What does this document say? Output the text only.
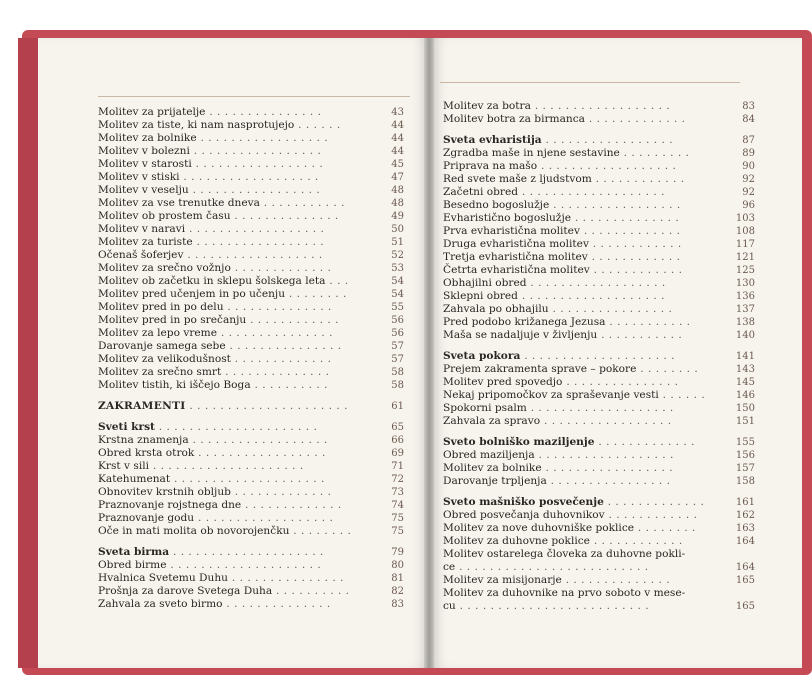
Molitev za prijatelje . . . . . . . . . . . . . . .	43
Molitev za tiste, ki nam nasprotujejo . . . . . .	44
Molitev za bolnike . . . . . . . . . . . . . . . . .	44
Molitev v bolezni . . . . . . . . . . . . . . . . .	44
Molitev v starosti . . . . . . . . . . . . . . . . .	45
Molitev v stiski . . . . . . . . . . . . . . . . . .	47
Molitev v veselju . . . . . . . . . . . . . . . . .	48
Molitev za vse trenutke dneva . . . . . . . . . . .	48
Molitev ob prostem času . . . . . . . . . . . . . .	49
Molitev v naravi . . . . . . . . . . . . . . . . . .	50
Molitev za turiste . . . . . . . . . . . . . . . . .	51
Očenaš šoferjev . . . . . . . . . . . . . . . . . .	52
Molitev za srečno vožnjo . . . . . . . . . . . . .	53
Molitev ob začetku in sklepu šolskega leta . . .	54
Molitev pred učenjem in po učenju . . . . . . . .	54
Molitev pred in po delu . . . . . . . . . . . . . .	55
Molitev pred in po srečanju . . . . . . . . . . . .	56
Molitev za lepo vreme . . . . . . . . . . . . . . .	56
Darovanje samega sebe . . . . . . . . . . . . . . .	57
Molitev za velikodušnost . . . . . . . . . . . . .	57
Molitev za srečno smrt . . . . . . . . . . . . . .	58
Molitev tistih, ki iščejo Boga . . . . . . . . . .	58
ZAKRAMENTI . . . . . . . . . . . . . . . . . . . . .	61
Sveti krst . . . . . . . . . . . . . . . . . . . . .	65
Krstna znamenja . . . . . . . . . . . . . . . . . .	66
Obred krsta otrok . . . . . . . . . . . . . . . . .	69
Krst v sili . . . . . . . . . . . . . . . . . . . .	71
Katehumenat . . . . . . . . . . . . . . . . . . . .	72
Obnovitev krstnih obljub . . . . . . . . . . . . .	73
Praznovanje rojstnega dne . . . . . . . . . . . . .	74
Praznovanje godu . . . . . . . . . . . . . . . . . .	75
Oče in mati molita ob novorojenčku . . . . . . . .	75
Sveta birma . . . . . . . . . . . . . . . . . . . .	79
Obred birme . . . . . . . . . . . . . . . . . . . .	80
Hvalnica Svetemu Duhu . . . . . . . . . . . . . . .	81
Prošnja za darove Svetega Duha . . . . . . . . . .	82
Zahvala za sveto birmo . . . . . . . . . . . . . .	83
Molitev za botra . . . . . . . . . . . . . . . . . .	83
Molitev botra za birmanca . . . . . . . . . . . . .	84
Sveta evharistija . . . . . . . . . . . . . . . . .	87
Zgradba maše in njene sestavine . . . . . . . . .	89
Priprava na mašo . . . . . . . . . . . . . . . . . .	90
Red svete maše z ljudstvom . . . . . . . . . . . .	92
Začetni obred . . . . . . . . . . . . . . . . . . .	92
Besedno bogoslužje . . . . . . . . . . . . . . . . .	96
Evharistično bogoslužje . . . . . . . . . . . . . .	103
Prva evharistična molitev . . . . . . . . . . . . .	108
Druga evharistična molitev . . . . . . . . . . . .	117
Tretja evharistična molitev . . . . . . . . . . . .	121
Četrta evharistična molitev . . . . . . . . . . . .	125
Obhajilni obred . . . . . . . . . . . . . . . . . .	130
Sklepni obred . . . . . . . . . . . . . . . . . . .	136
Zahvala po obhajilu . . . . . . . . . . . . . . . .	137
Pred podobo križanega Jezusa . . . . . . . . . . .	138
Maša se nadaljuje v življenju . . . . . . . . . . .	140
Sveta pokora . . . . . . . . . . . . . . . . . . . .	141
Prejem zakramenta sprave – pokore . . . . . . . .	143
Molitev pred spovedjo . . . . . . . . . . . . . . .	145
Nekaj pripomočkov za spraševanje vesti . . . . . .	146
Spokorni psalm . . . . . . . . . . . . . . . . . . .	150
Zahvala za spravo . . . . . . . . . . . . . . . . .	151
Sveto bolniško maziljenje . . . . . . . . . . . . .	155
Obred maziljenja . . . . . . . . . . . . . . . . . .	156
Molitev za bolnike . . . . . . . . . . . . . . . . .	157
Darovanje trpljenja . . . . . . . . . . . . . . . .	158
Sveto mašniško posvečenje . . . . . . . . . . . . .	161
Obred posvečanja duhovnikov . . . . . . . . . . . .	162
Molitev za nove duhovniške poklice . . . . . . . .	163
Molitev za duhovne poklice . . . . . . . . . . . .	164
Molitev ostarelega človeka za duhovne pokli-
ce . . . . . . . . . . . . . . . . . . . . . . . . .	164
Molitev za misijonarje . . . . . . . . . . . . . .	165
Molitev za duhovnike na prvo soboto v mese-
cu . . . . . . . . . . . . . . . . . . . . . . . . .	165
